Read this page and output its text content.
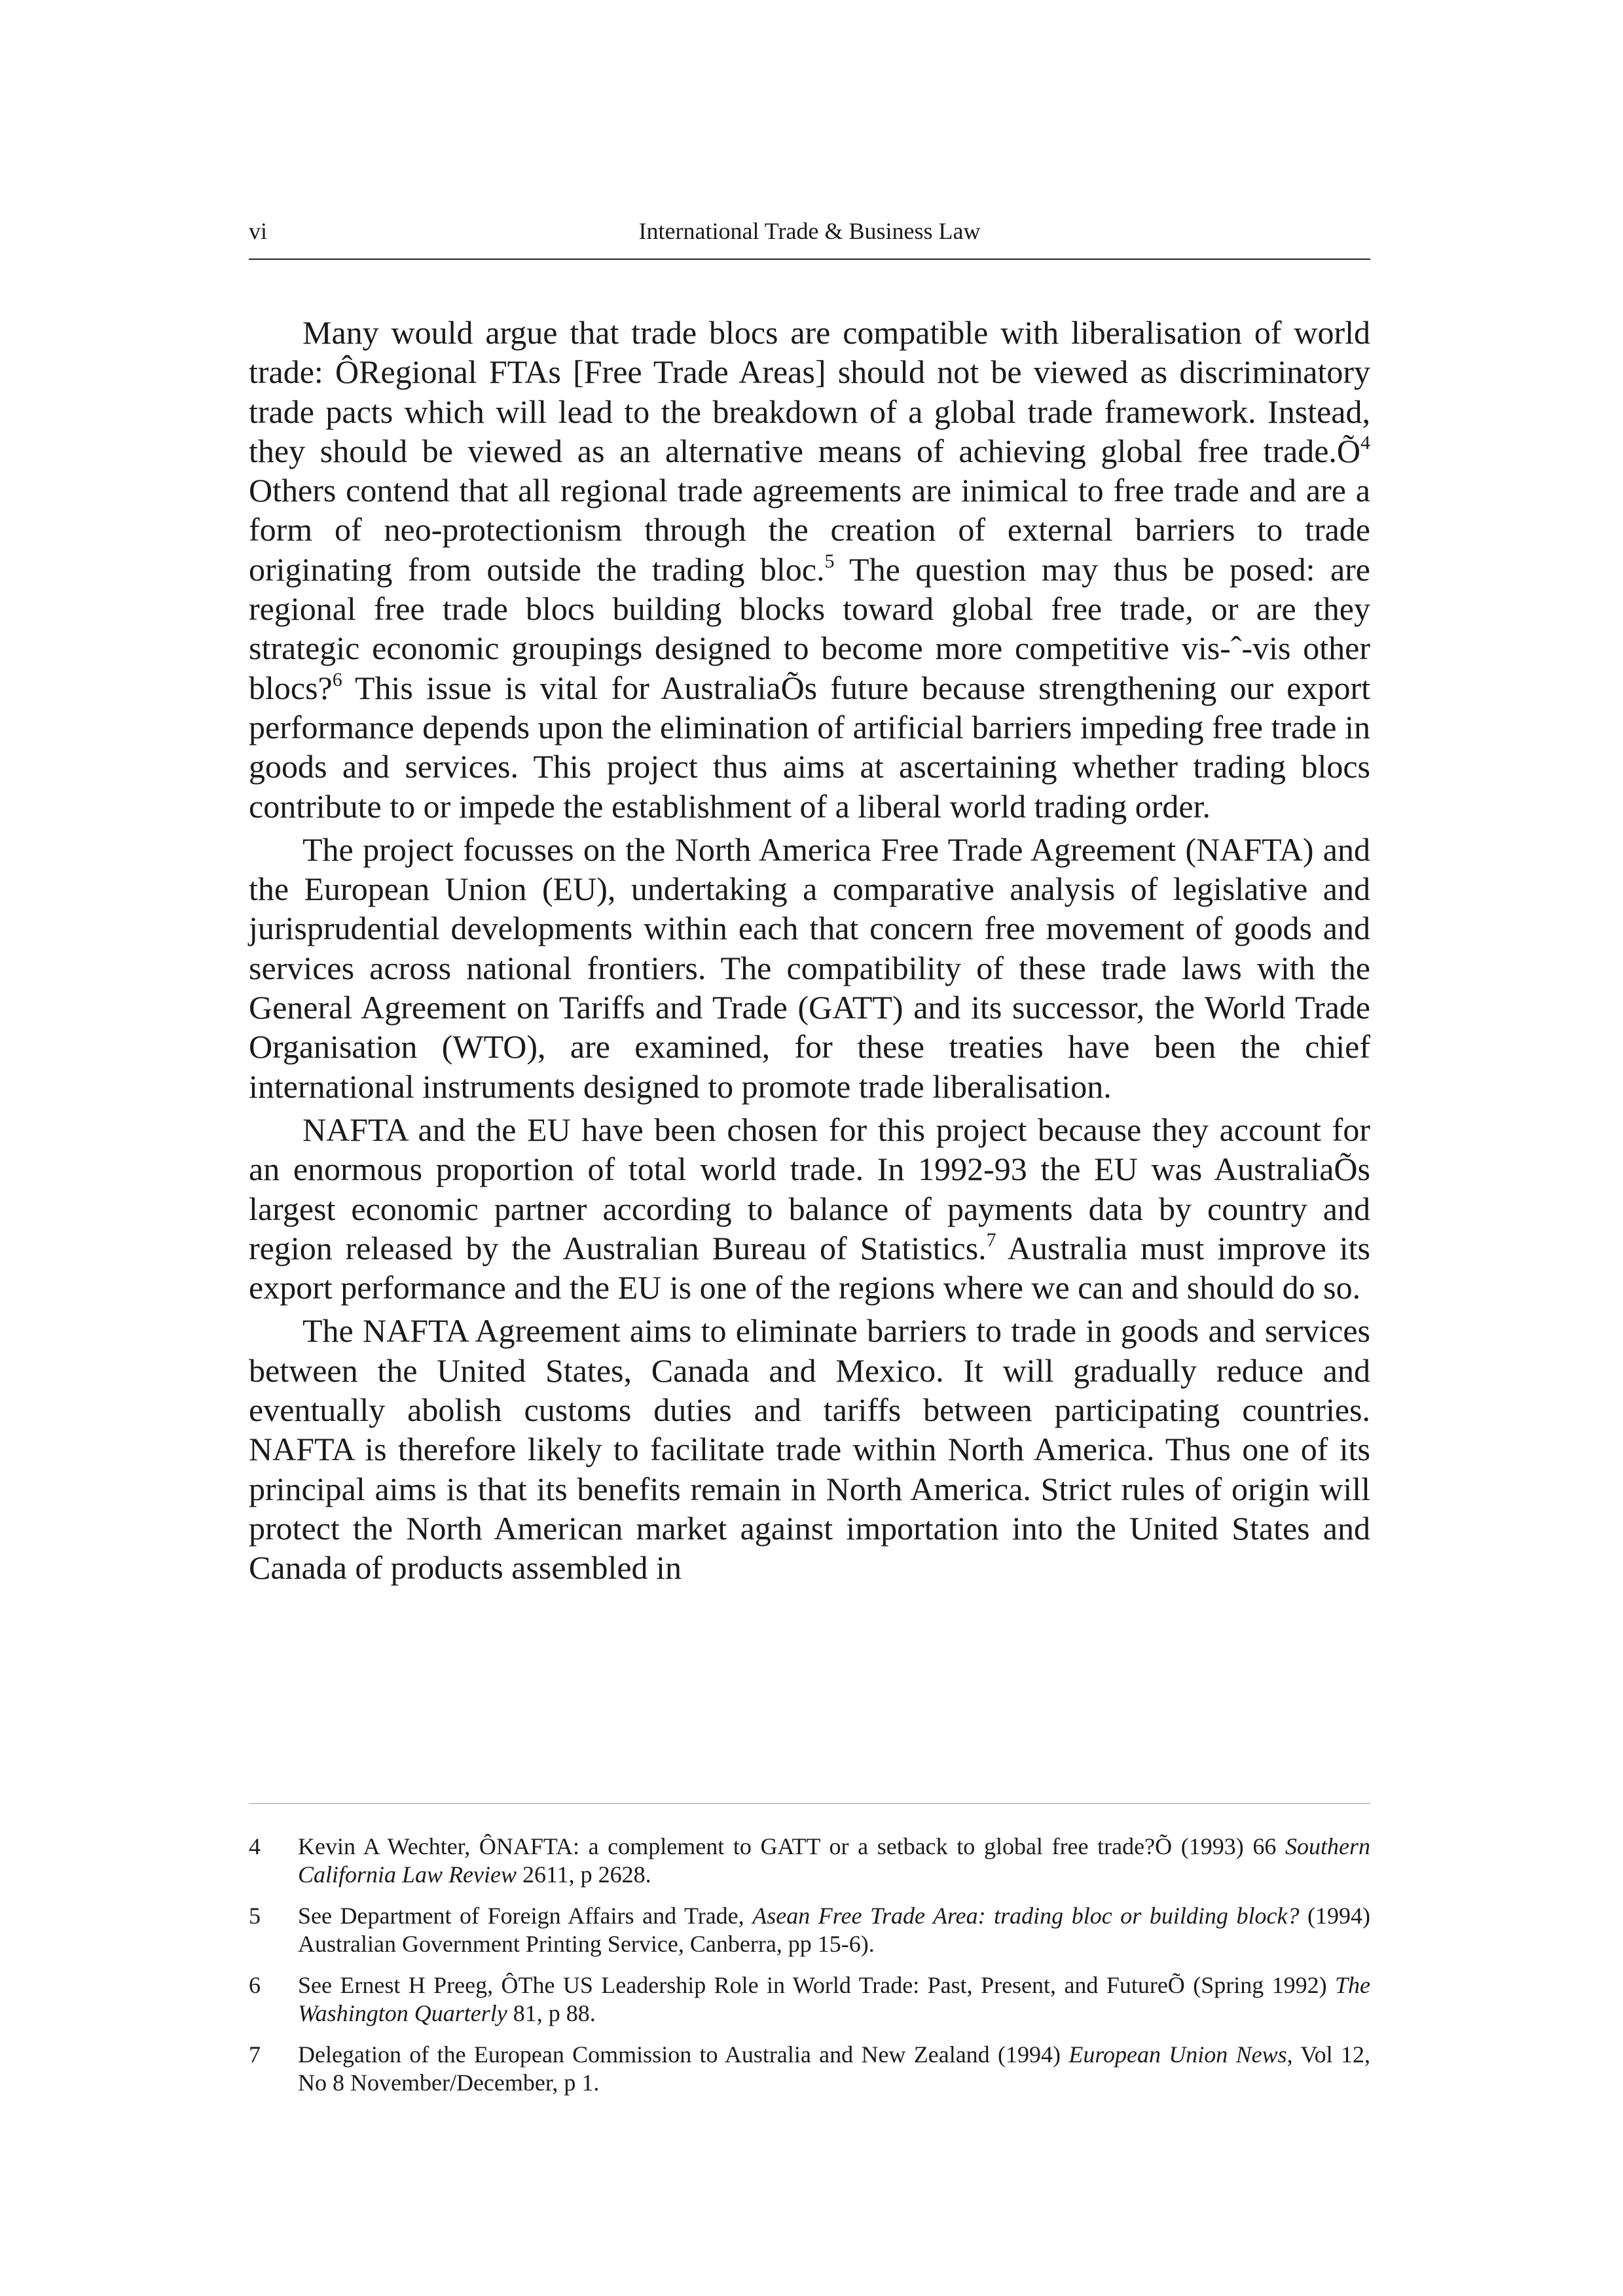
vi	International Trade & Business Law

Many would argue that trade blocs are compatible with liberalisation of world trade: ÔRegional FTAs [Free Trade Areas] should not be viewed as discriminatory trade pacts which will lead to the breakdown of a global trade framework. Instead, they should be viewed as an alternative means of achieving global free $trade.Õ^4$ Others contend that all regional trade agreements are inimical to free trade and are a form of neo-protectionism through the creation of external barriers to trade originating from outside the trading bloc.$^5$ The question may thus be posed: are regional free trade blocs building blocks toward global free trade, or are they strategic economic groupings designed to become more competitive vis-ˆ-vis other blocs?$^6$ This issue is vital for AustraliaÕs future because strengthening our export performance depends upon the elimination of artificial barriers impeding free trade in goods and services. This project thus aims at ascertaining whether trading blocs contribute to or impede the establishment of a liberal world trading order.

The project focusses on the North America Free Trade Agreement (NAFTA) and the European Union (EU), undertaking a comparative analysis of legislative and jurisprudential developments within each that concern free movement of goods and services across national frontiers. The compatibility of these trade laws with the General Agreement on Tariffs and Trade (GATT) and its successor, the World Trade Organisation (WTO), are examined, for these treaties have been the chief international instruments designed to promote trade liberalisation.

NAFTA and the EU have been chosen for this project because they account for an enormous proportion of total world trade. In 1992-93 the EU was AustraliaÕs largest economic partner according to balance of payments data by country and region released by the Australian Bureau of Statistics.$^7$ Australia must improve its export performance and the EU is one of the regions where we can and should do so.

The NAFTA Agreement aims to eliminate barriers to trade in goods and services between the United States, Canada and Mexico. It will gradually reduce and eventually abolish customs duties and tariffs between participating countries. NAFTA is therefore likely to facilitate trade within North America. Thus one of its principal aims is that its benefits remain in North America. Strict rules of origin will protect the North American market against importation into the United States and Canada of products assembled in

4 Kevin A Wechter, ÔNAFTA: a complement to GATT or a setback to global free trade?Õ (1993) 66 Southern California Law Review 2611, p 2628.
5 See Department of Foreign Affairs and Trade, Asean Free Trade Area: trading bloc or building block? (1994) Australian Government Printing Service, Canberra, pp 15-6).
6 See Ernest H Preeg, ÔThe US Leadership Role in World Trade: Past, Present, and FutureÕ (Spring 1992) The Washington Quarterly 81, p 88.
7 Delegation of the European Commission to Australia and New Zealand (1994) European Union News, Vol 12, No 8 November/December, p 1.
